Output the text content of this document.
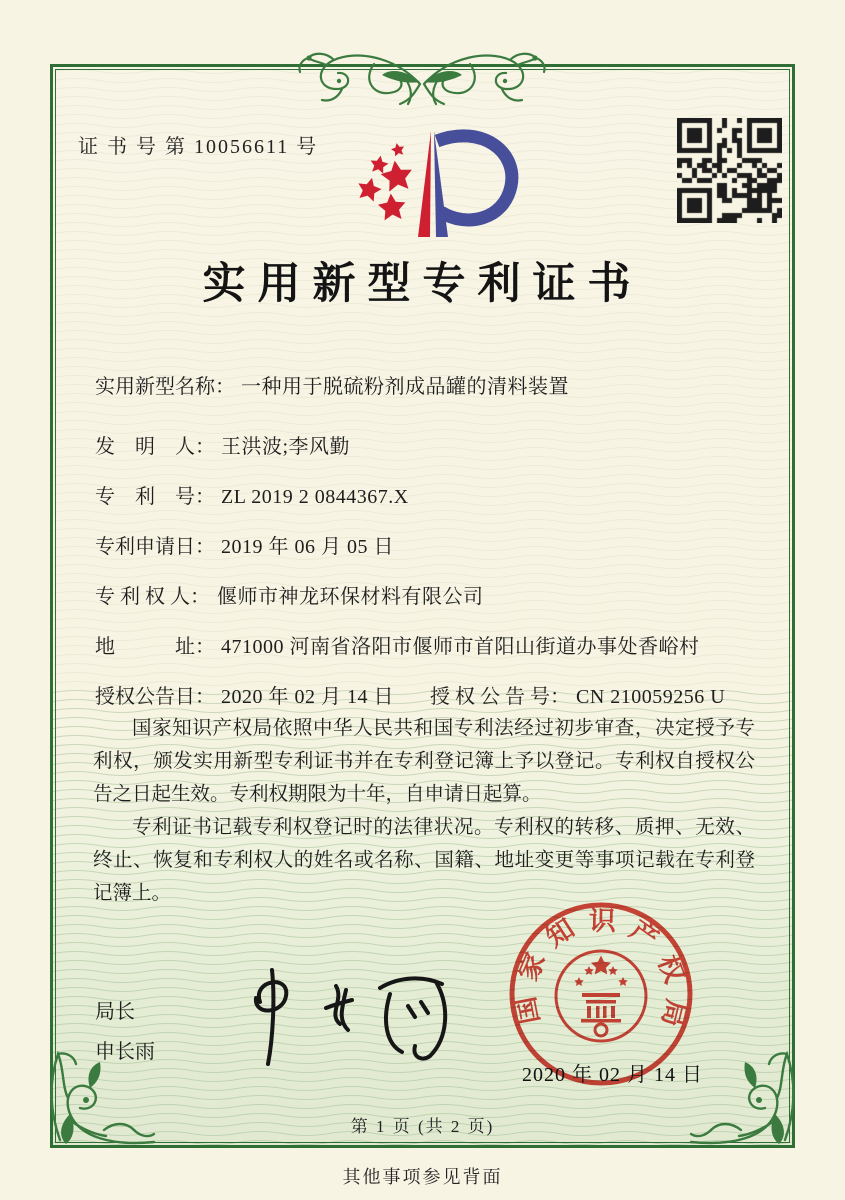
证 书 号 第 10056611 号
实用新型专利证书
实用新型名称： 一种用于脱硫粉剂成品罐的清料装置
发　明　人： 王洪波;李风勤
专　利　号： ZL 2019 2 0844367.X
专利申请日： 2019 年 06 月 05 日
专 利 权 人： 偃师市神龙环保材料有限公司
地　　　址： 471000 河南省洛阳市偃师市首阳山街道办事处香峪村
授权公告日： 2020 年 02 月 14 日 授 权 公 告 号： CN 210059256 U

国家知识产权局依照中华人民共和国专利法经过初步审查，决定授予专利权，颁发实用新型专利证书并在专利登记簿上予以登记。专利权自授权公告之日起生效。专利权期限为十年，自申请日起算。

专利证书记载专利权登记时的法律状况。专利权的转移、质押、无效、终止、恢复和专利权人的姓名或名称、国籍、地址变更等事项记载在专利登记簿上。

局长
申长雨
国家知识产权局
2020 年 02 月 14 日
第 1 页 (共 2 页)
其他事项参见背面
